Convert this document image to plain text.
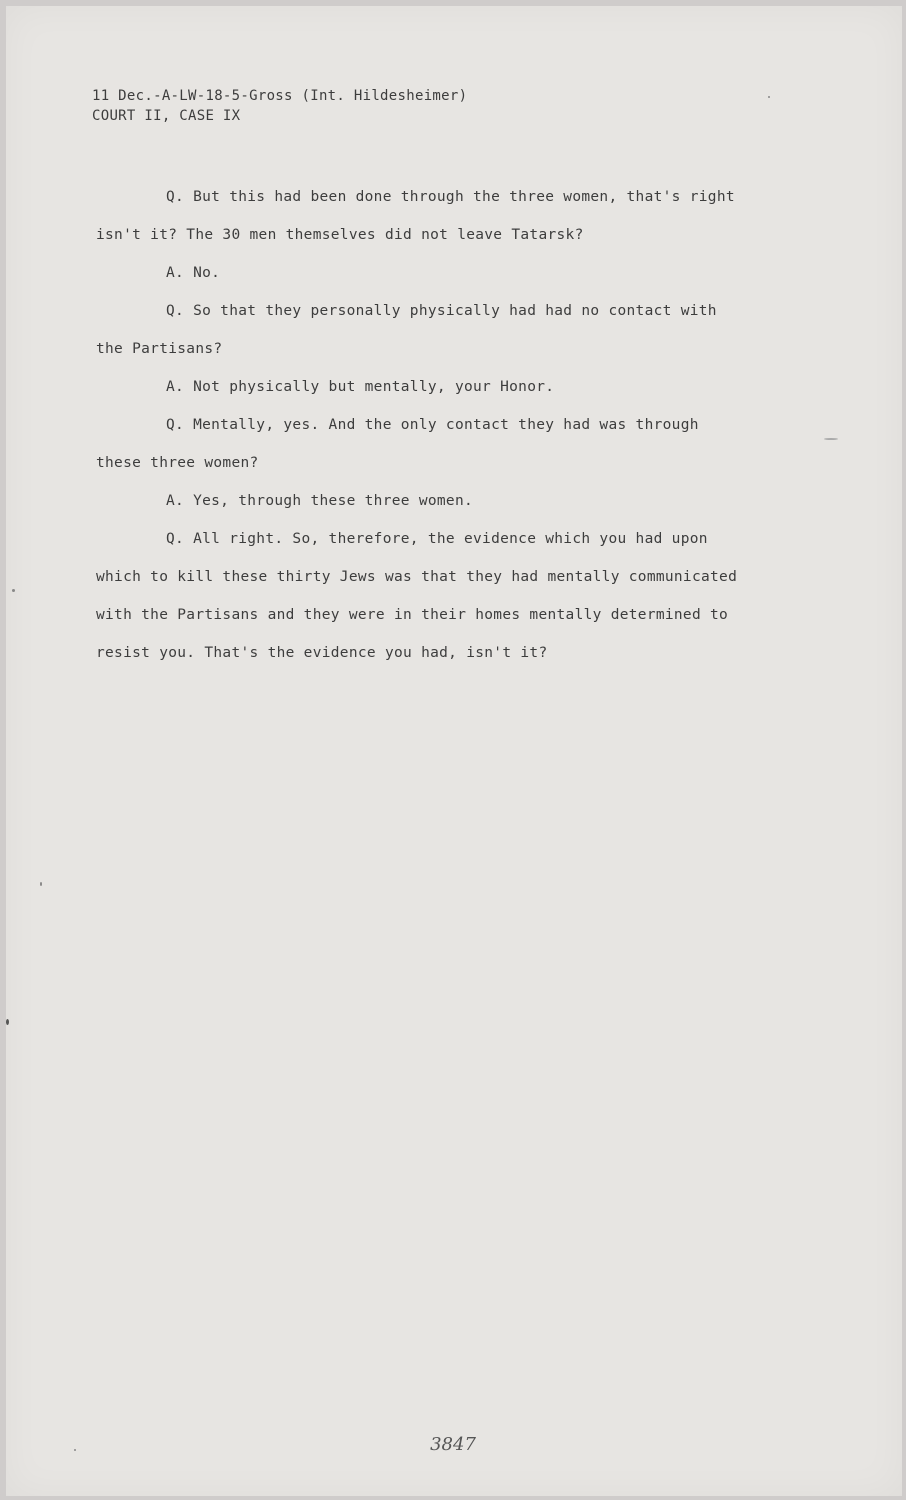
11 Dec.-A-LW-18-5-Gross (Int. Hildesheimer)
COURT II, CASE IX
Q. But this had been done through the three women, that's right
isn't it? The 30 men themselves did not leave Tatarsk?
A. No.
Q. So that they personally physically had had no contact with
the Partisans?
A. Not physically but mentally, your Honor.
Q. Mentally, yes. And the only contact they had was through
these three women?
A. Yes, through these three women.
Q. All right. So, therefore, the evidence which you had upon
which to kill these thirty Jews was that they had mentally communicated
with the Partisans and they were in their homes mentally determined to
resist you. That's the evidence you had, isn't it?
3847
